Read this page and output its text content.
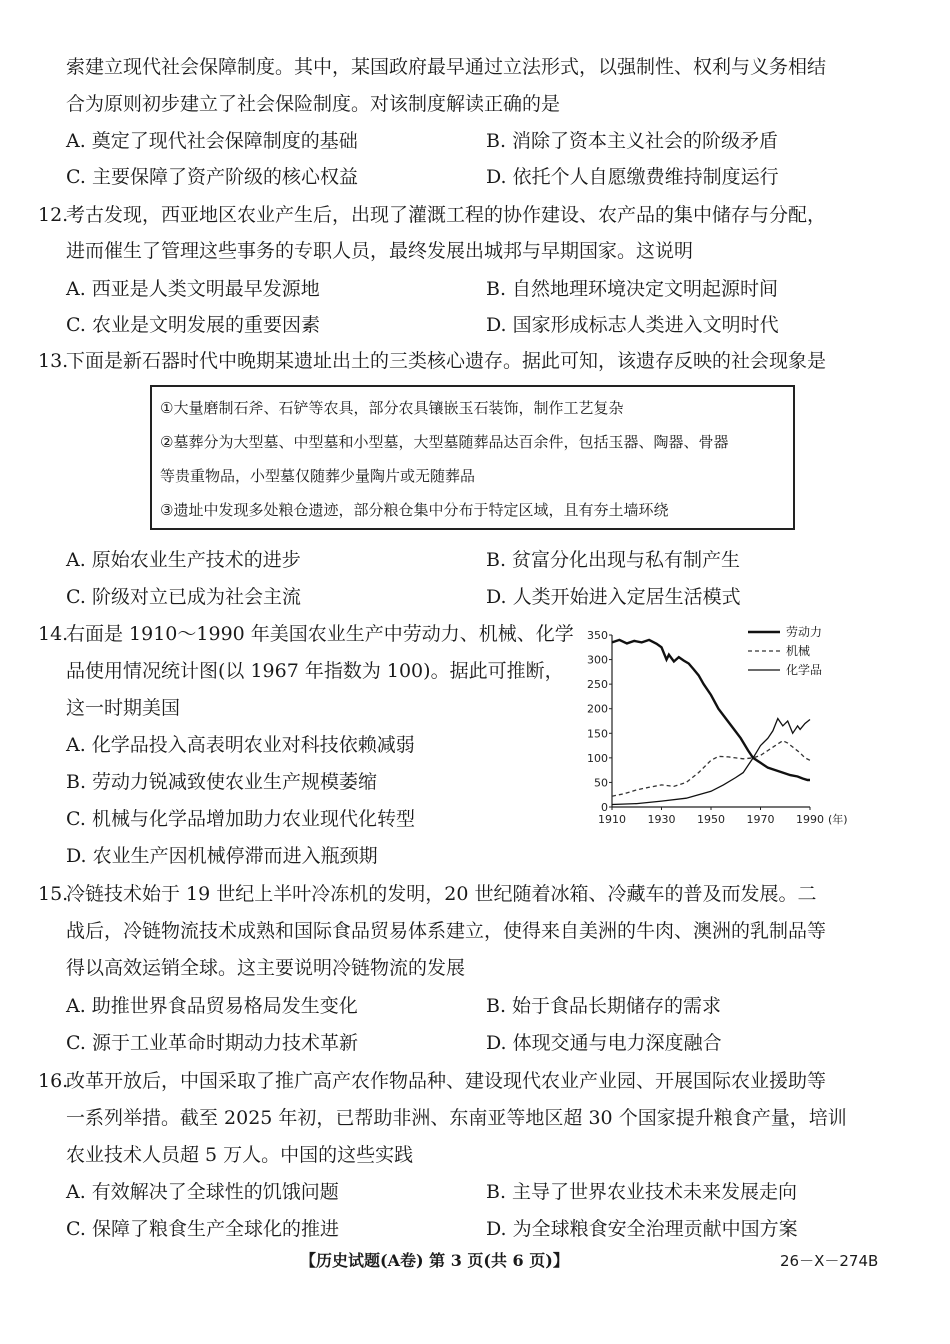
索建立现代社会保障制度。其中，某国政府最早通过立法形式，以强制性、权利与义务相结
合为原则初步建立了社会保险制度。对该制度解读正确的是
A. 奠定了现代社会保障制度的基础	B. 消除了资本主义社会的阶级矛盾
C. 主要保障了资产阶级的核心权益	D. 依托个人自愿缴费维持制度运行
12.
考古发现，西亚地区农业产生后，出现了灌溉工程的协作建设、农产品的集中储存与分配，
进而催生了管理这些事务的专职人员，最终发展出城邦与早期国家。这说明
A. 西亚是人类文明最早发源地	B. 自然地理环境决定文明起源时间
C. 农业是文明发展的重要因素	D. 国家形成标志人类进入文明时代
13.
下面是新石器时代中晚期某遗址出土的三类核心遗存。据此可知，该遗存反映的社会现象是
①大量磨制石斧、石铲等农具，部分农具镶嵌玉石装饰，制作工艺复杂
②墓葬分为大型墓、中型墓和小型墓，大型墓随葬品达百余件，包括玉器、陶器、骨器
等贵重物品，小型墓仅随葬少量陶片或无随葬品
③遗址中发现多处粮仓遗迹，部分粮仓集中分布于特定区域，且有夯土墙环绕
A. 原始农业生产技术的进步	B. 贫富分化出现与私有制产生
C. 阶级对立已成为社会主流	D. 人类开始进入定居生活模式
14.
右面是 1910～1990 年美国农业生产中劳动力、机械、化学
品使用情况统计图(以 1967 年指数为 100)。据此可推断，
这一时期美国
A. 化学品投入高表明农业对科技依赖减弱
B. 劳动力锐减致使农业生产规模萎缩
C. 机械与化学品增加助力农业现代化转型
D. 农业生产因机械停滞而进入瓶颈期
0
50
100
150
200
250
300
350
1910 1930 1950 1970 1990 (年)
劳动力
机械
化学品
15.
冷链技术始于 19 世纪上半叶冷冻机的发明，20 世纪随着冰箱、冷藏车的普及而发展。二
战后，冷链物流技术成熟和国际食品贸易体系建立，使得来自美洲的牛肉、澳洲的乳制品等
得以高效运销全球。这主要说明冷链物流的发展
A. 助推世界食品贸易格局发生变化	B. 始于食品长期储存的需求
C. 源于工业革命时期动力技术革新	D. 体现交通与电力深度融合
16.
改革开放后，中国采取了推广高产农作物品种、建设现代农业产业园、开展国际农业援助等
一系列举措。截至 2025 年初，已帮助非洲、东南亚等地区超 30 个国家提升粮食产量，培训
农业技术人员超 5 万人。中国的这些实践
A. 有效解决了全球性的饥饿问题	B. 主导了世界农业技术未来发展走向
C. 保障了粮食生产全球化的推进	D. 为全球粮食安全治理贡献中国方案
【历史试题(A卷) 第 3 页(共 6 页)】	26－X－274B
